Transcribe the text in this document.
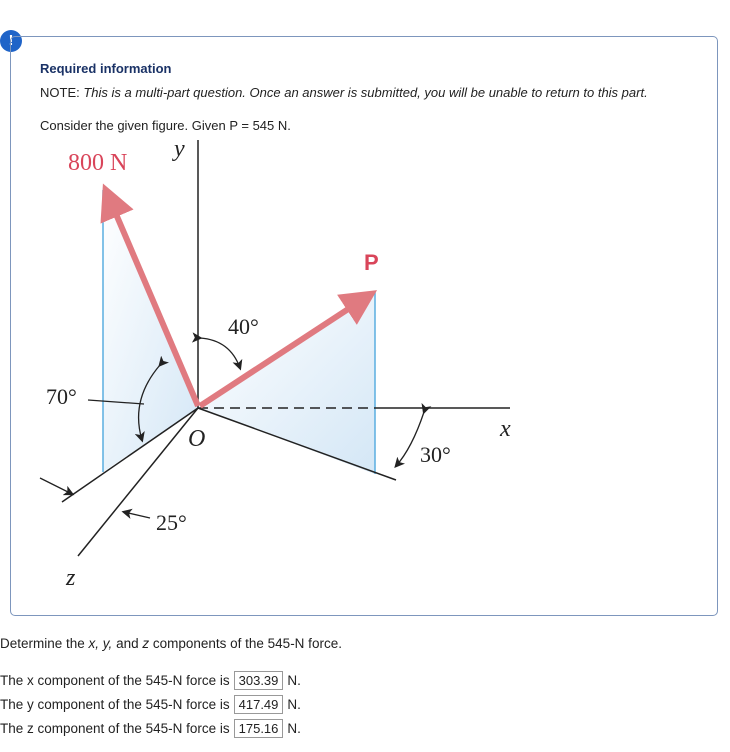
!
Required information
NOTE: This is a multi-part question. Once an answer is submitted, you will be unable to return to this part.
Consider the given figure. Given P = 545 N.
800 N
P
y
x
z
O
40°
70°
30°
25°
Determine the x, y, and z components of the 545-N force.
The x component of the 545-N force is 303.39 N.
The y component of the 545-N force is 417.49 N.
The z component of the 545-N force is 175.16 N.
